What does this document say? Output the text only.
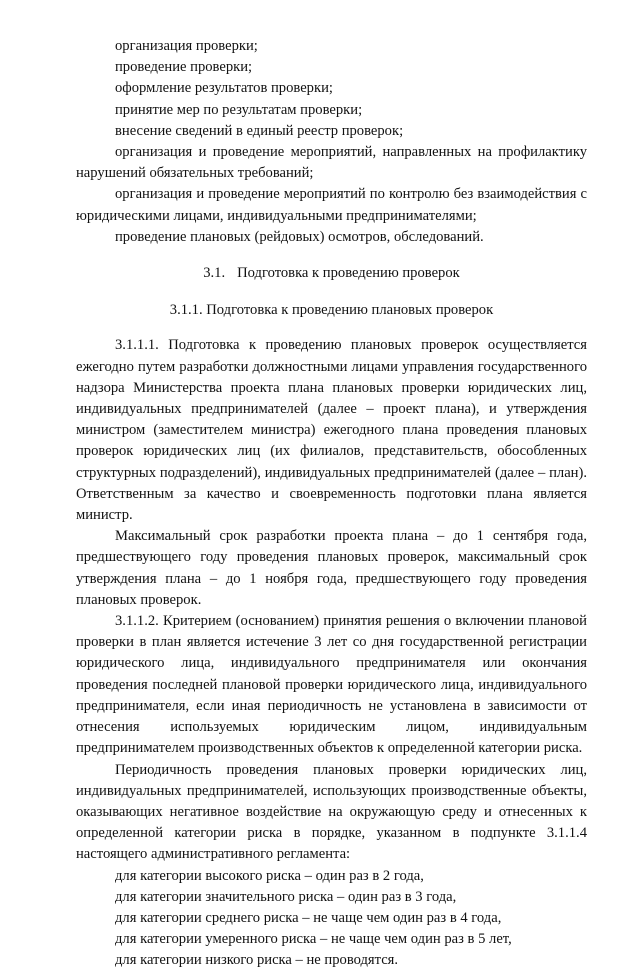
организация проверки;

проведение проверки;

оформление результатов проверки;

принятие мер по результатам проверки;

внесение сведений в единый реестр проверок;

организация и проведение мероприятий, направленных на профилактику нарушений обязательных требований;

организация и проведение мероприятий по контролю без взаимодействия с юридическими лицами, индивидуальными предпринимателями;

проведение плановых (рейдовых) осмотров, обследований.

3.1. Подготовка к проведению проверок
3.1.1. Подготовка к проведению плановых проверок

3.1.1.1. Подготовка к проведению плановых проверок осуществляется ежегодно путем разработки должностными лицами управления государственного надзора Министерства проекта плана плановых проверки юридических лиц, индивидуальных предпринимателей (далее – проект плана), и утверждения министром (заместителем министра) ежегодного плана проведения плановых проверок юридических лиц (их филиалов, представительств, обособленных структурных подразделений), индивидуальных предпринимателей (далее – план). Ответственным за качество и своевременность подготовки плана является министр.

Максимальный срок разработки проекта плана – до 1 сентября года, предшествующего году проведения плановых проверок, максимальный срок утверждения плана – до 1 ноября года, предшествующего году проведения плановых проверок.

3.1.1.2. Критерием (основанием) принятия решения о включении плановой проверки в план является истечение 3 лет со дня государственной регистрации юридического лица, индивидуального предпринимателя или окончания проведения последней плановой проверки юридического лица, индивидуального предпринимателя, если иная периодичность не установлена в зависимости от отнесения используемых юридическим лицом, индивидуальным предпринимателем производственных объектов к определенной категории риска.

Периодичность проведения плановых проверки юридических лиц, индивидуальных предпринимателей, использующих производственные объекты, оказывающих негативное воздействие на окружающую среду и отнесенных к определенной категории риска в порядке, указанном в подпункте 3.1.1.4 настоящего административного регламента:

для категории высокого риска – один раз в 2 года,

для категории значительного риска – один раз в 3 года,

для категории среднего риска – не чаще чем один раз в 4 года,

для категории умеренного риска – не чаще чем один раз в 5 лет,

для категории низкого риска – не проводятся.
